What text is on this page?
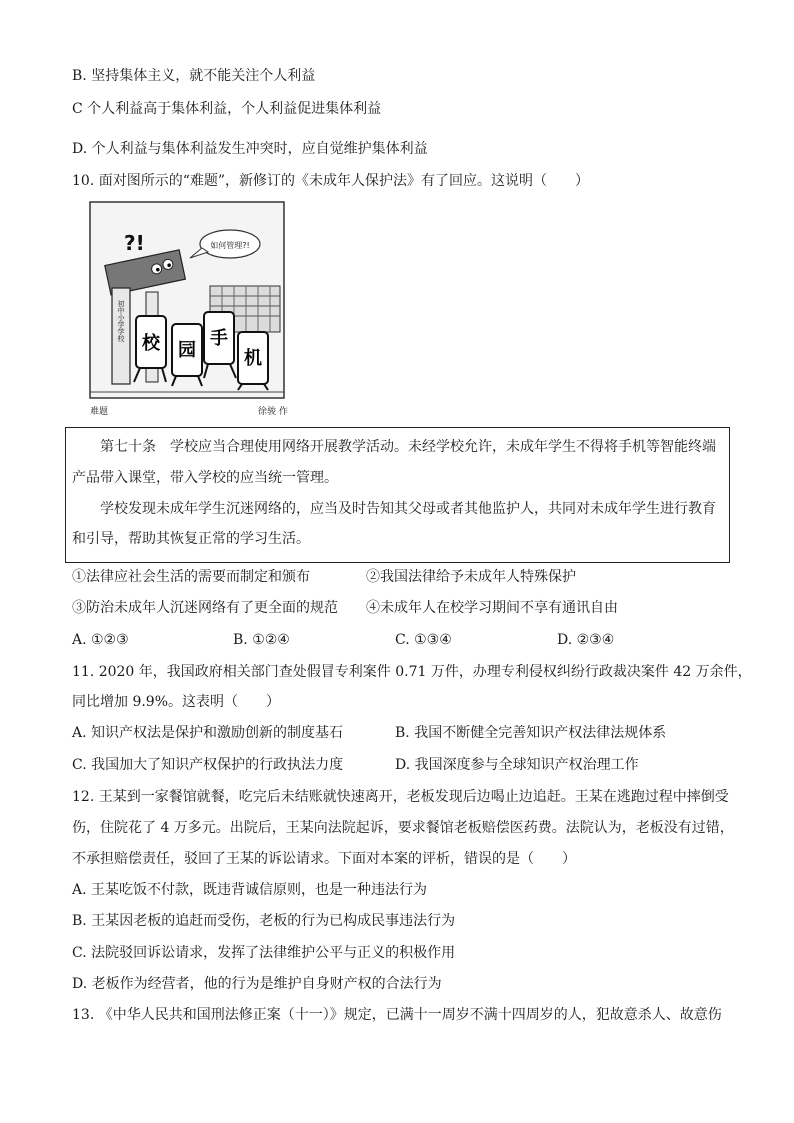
B. 坚持集体主义，就不能关注个人利益
C 个人利益高于集体利益，个人利益促进集体利益
D. 个人利益与集体利益发生冲突时，应自觉维护集体利益
10. 面对图所示的“难题”，新修订的《未成年人保护法》有了回应。这说明（　　）
如何管理?!
?!
初中小学学校
校 园
手
机
难题	徐骏 作
　　第七十条　学校应当合理使用网络开展教学活动。未经学校允许，未成年学生不得将手机等智能终端
产品带入课堂，带入学校的应当统一管理。
　　学校发现未成年学生沉迷网络的，应当及时告知其父母或者其他监护人，共同对未成年学生进行教育
和引导，帮助其恢复正常的学习生活。
①法律应社会生活的需要而制定和颁布	②我国法律给予未成年人特殊保护
③防治未成年人沉迷网络有了更全面的规范 ④未成年人在校学习期间不享有通讯自由
A. ①②③	B. ①②④	C. ①③④	D. ②③④
11. 2020 年，我国政府相关部门查处假冒专利案件 0.71 万件，办理专利侵权纠纷行政裁决案件 42 万余件，
同比增加 9.9%。这表明（　　）
A. 知识产权法是保护和激励创新的制度基石	B. 我国不断健全完善知识产权法律法规体系
C. 我国加大了知识产权保护的行政执法力度	D. 我国深度参与全球知识产权治理工作
12. 王某到一家餐馆就餐，吃完后未结账就快速离开，老板发现后边喝止边追赶。王某在逃跑过程中摔倒受
伤，住院花了 4 万多元。出院后，王某向法院起诉，要求餐馆老板赔偿医药费。法院认为，老板没有过错，
不承担赔偿责任，驳回了王某的诉讼请求。下面对本案的评析，错误的是（　　）
A. 王某吃饭不付款，既违背诚信原则，也是一种违法行为
B. 王某因老板的追赶而受伤，老板的行为已构成民事违法行为
C. 法院驳回诉讼请求，发挥了法律维护公平与正义的积极作用
D. 老板作为经营者，他的行为是维护自身财产权的合法行为
13. 《中华人民共和国刑法修正案（十一）》规定，已满十一周岁不满十四周岁的人，犯故意杀人、故意伤
